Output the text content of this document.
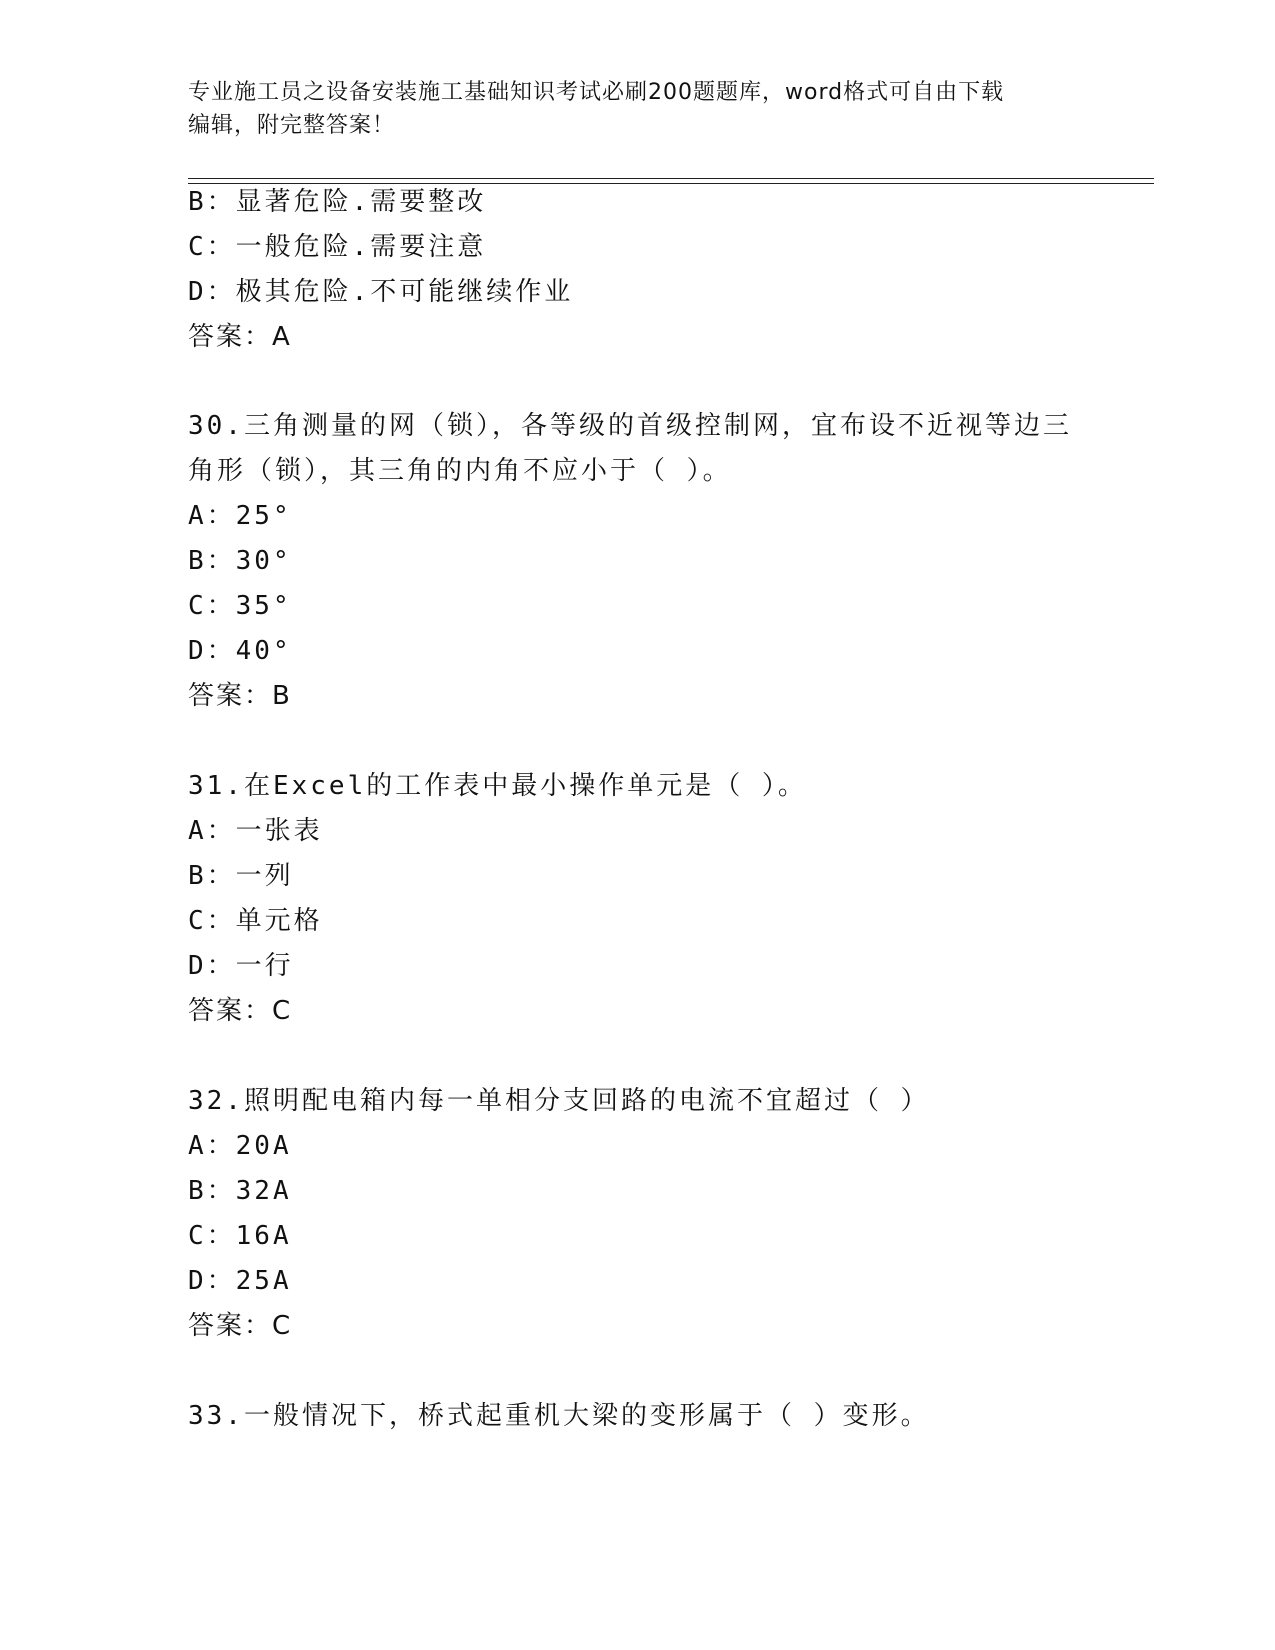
专业施工员之设备安装施工基础知识考试必刷200题题库，word格式可自由下载
编辑，附完整答案！
B：显著危险.需要整改
C：一般危险.需要注意
D：极其危险.不可能继续作业
答案：A
30.三角测量的网（锁），各等级的首级控制网，宜布设不近视等边三
角形（锁），其三角的内角不应小于（ ）。
A：25°
B：30°
C：35°
D：40°
答案：B
31.在Excel的工作表中最小操作单元是（ ）。
A：一张表
B：一列
C：单元格
D：一行
答案：C
32.照明配电箱内每一单相分支回路的电流不宜超过（ ）
A：20A
B：32A
C：16A
D：25A
答案：C
33.一般情况下，桥式起重机大梁的变形属于（ ）变形。
